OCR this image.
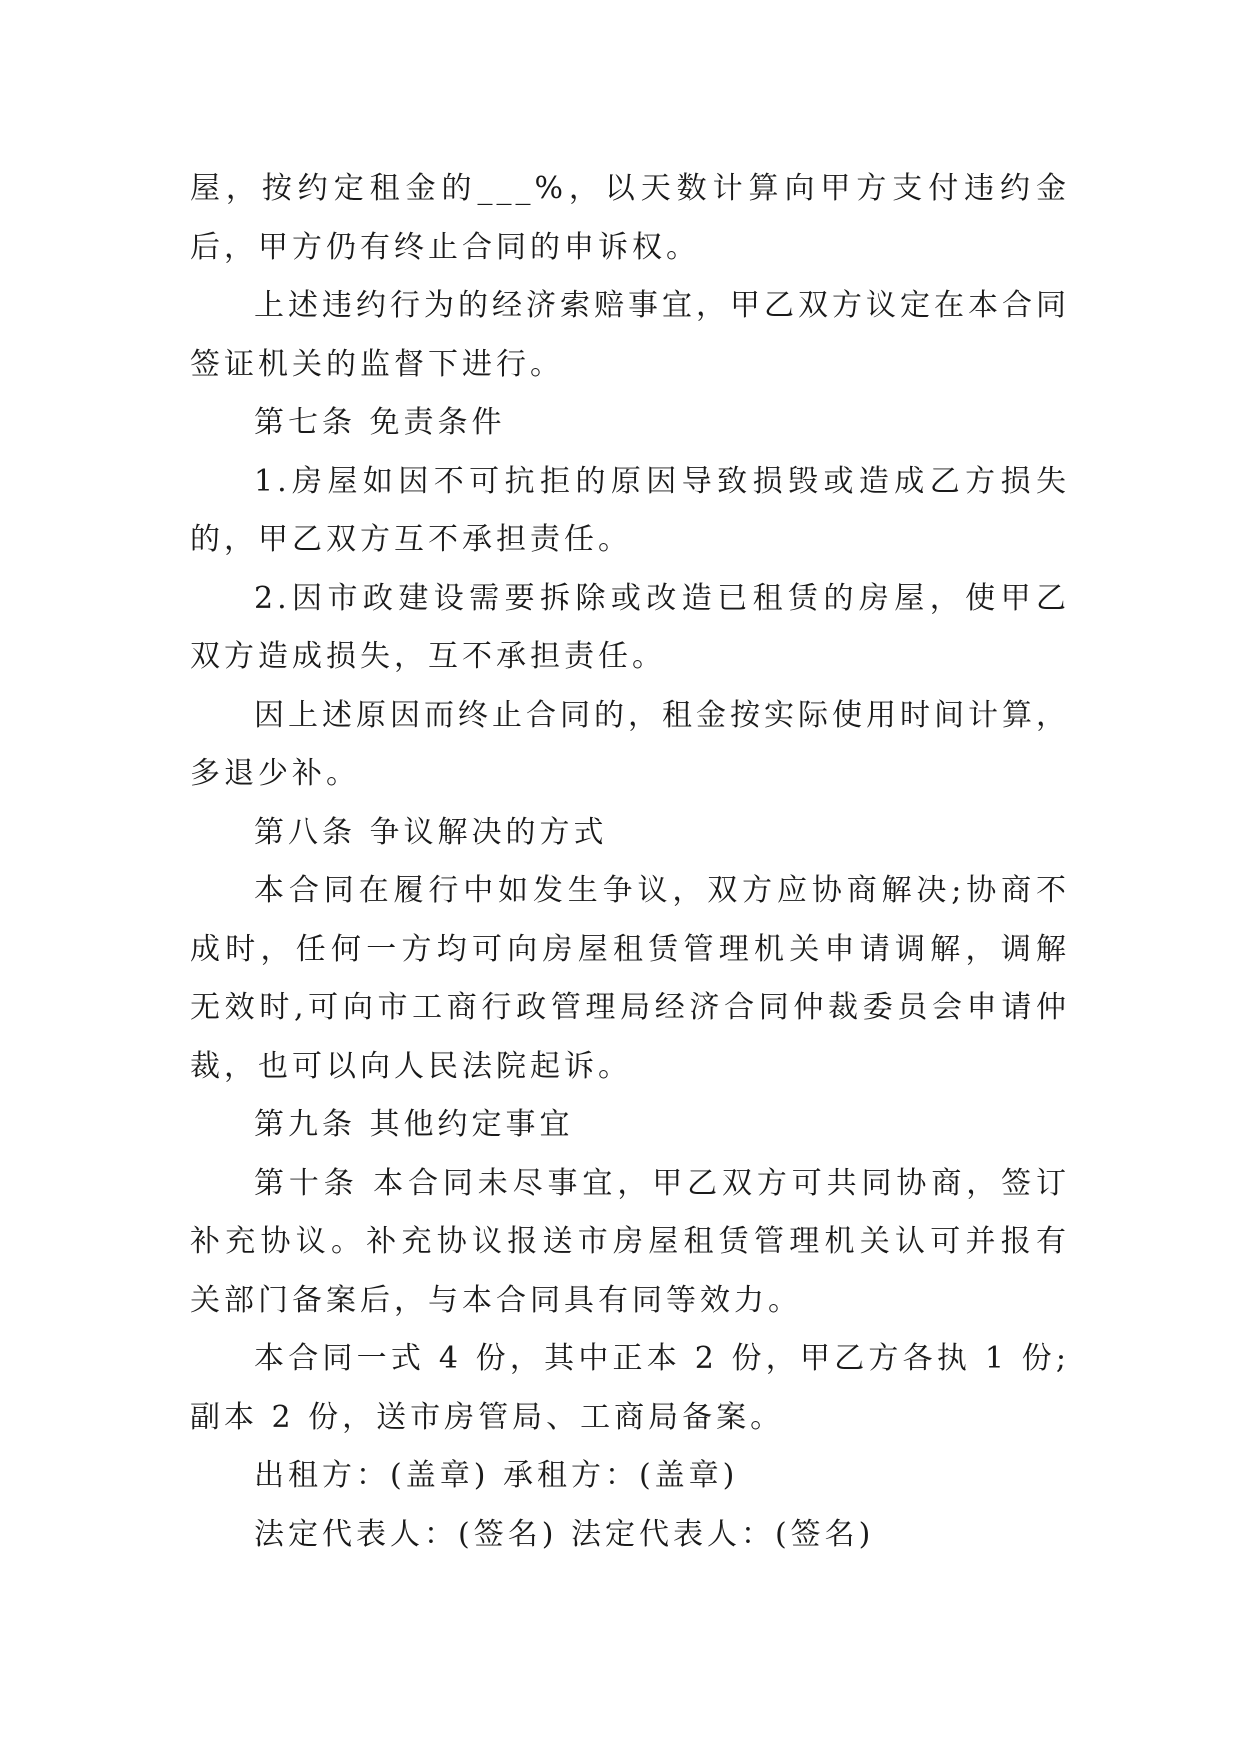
屋，按约定租金的___%，以天数计算向甲方支付违约金后，甲方仍有终止合同的申诉权。

上述违约行为的经济索赔事宜，甲乙双方议定在本合同签证机关的监督下进行。

第七条 免责条件

1.房屋如因不可抗拒的原因导致损毁或造成乙方损失的，甲乙双方互不承担责任。

2.因市政建设需要拆除或改造已租赁的房屋，使甲乙双方造成损失，互不承担责任。

因上述原因而终止合同的，租金按实际使用时间计算，多退少补。

第八条 争议解决的方式

本合同在履行中如发生争议，双方应协商解决;协商不成时，任何一方均可向房屋租赁管理机关申请调解，调解无效时,可向市工商行政管理局经济合同仲裁委员会申请仲裁，也可以向人民法院起诉。

第九条 其他约定事宜

第十条 本合同未尽事宜，甲乙双方可共同协商，签订补充协议。补充协议报送市房屋租赁管理机关认可并报有关部门备案后，与本合同具有同等效力。

本合同一式 4 份，其中正本 2 份，甲乙方各执 1 份;副本 2 份，送市房管局、工商局备案。

出租方：(盖章) 承租方：(盖章)

法定代表人：(签名) 法定代表人：(签名)
